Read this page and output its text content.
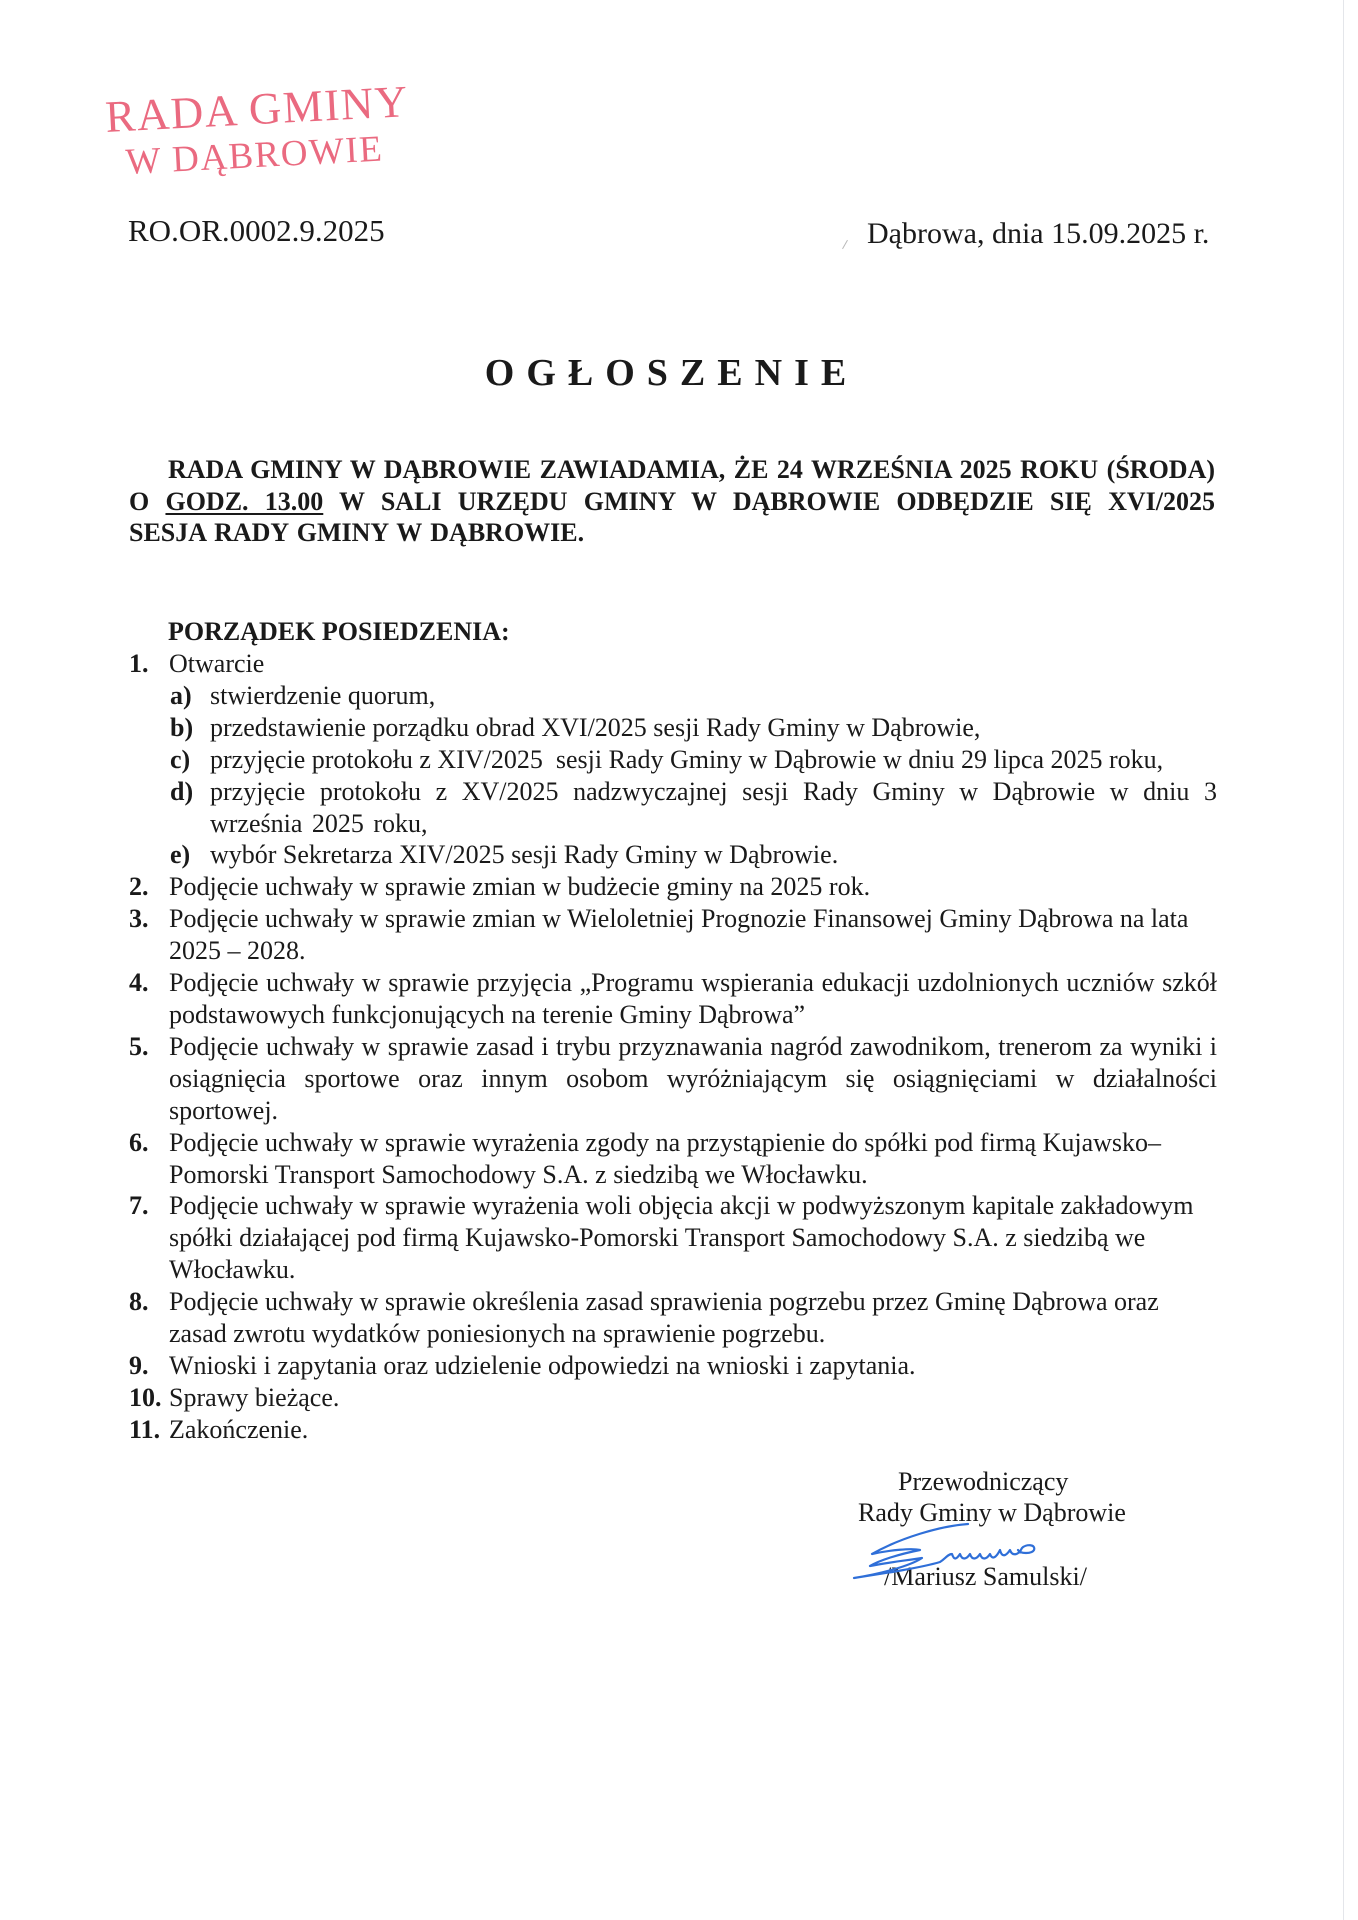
RADA GMINY
W DĄBROWIE
RO.OR.0002.9.2025	Dąbrowa, dnia 15.09.2025 r.
OGŁOSZENIE
RADA GMINY W DĄBROWIE ZAWIADAMIA, ŻE 24 WRZEŚNIA 2025 ROKU (ŚRODA) O GODZ. 13.00 W SALI URZĘDU GMINY W DĄBROWIE ODBĘDZIE SIĘ XVI/2025 SESJA RADY GMINY W DĄBROWIE.
PORZĄDEK POSIEDZENIA:
1. Otwarcie
a) stwierdzenie quorum,
b) przedstawienie porządku obrad XVI/2025 sesji Rady Gminy w Dąbrowie,
c) przyjęcie protokołu z XIV/2025  sesji Rady Gminy w Dąbrowie w dniu 29 lipca 2025 roku,
d) przyjęcie protokołu z XV/2025 nadzwyczajnej sesji Rady Gminy w Dąbrowie w dniu 3 września 2025 roku,
e) wybór Sekretarza XIV/2025 sesji Rady Gminy w Dąbrowie.
2. Podjęcie uchwały w sprawie zmian w budżecie gminy na 2025 rok.
3. Podjęcie uchwały w sprawie zmian w Wieloletniej Prognozie Finansowej Gminy Dąbrowa na lata 2025 – 2028.
4. Podjęcie uchwały w sprawie przyjęcia „Programu wspierania edukacji uzdolnionych uczniów szkół podstawowych funkcjonujących na terenie Gminy Dąbrowa”
5. Podjęcie uchwały w sprawie zasad i trybu przyznawania nagród zawodnikom, trenerom za wyniki i osiągnięcia sportowe oraz innym osobom wyróżniającym się osiągnięciami w działalności sportowej.
6. Podjęcie uchwały w sprawie wyrażenia zgody na przystąpienie do spółki pod firmą Kujawsko–Pomorski Transport Samochodowy S.A. z siedzibą we Włocławku.
7. Podjęcie uchwały w sprawie wyrażenia woli objęcia akcji w podwyższonym kapitale zakładowym spółki działającej pod firmą Kujawsko-Pomorski Transport Samochodowy S.A. z siedzibą we Włocławku.
8. Podjęcie uchwały w sprawie określenia zasad sprawienia pogrzebu przez Gminę Dąbrowa oraz zasad zwrotu wydatków poniesionych na sprawienie pogrzebu.
9. Wnioski i zapytania oraz udzielenie odpowiedzi na wnioski i zapytania.
10. Sprawy bieżące.
11. Zakończenie.
Przewodniczący
Rady Gminy w Dąbrowie
/Mariusz Samulski/
